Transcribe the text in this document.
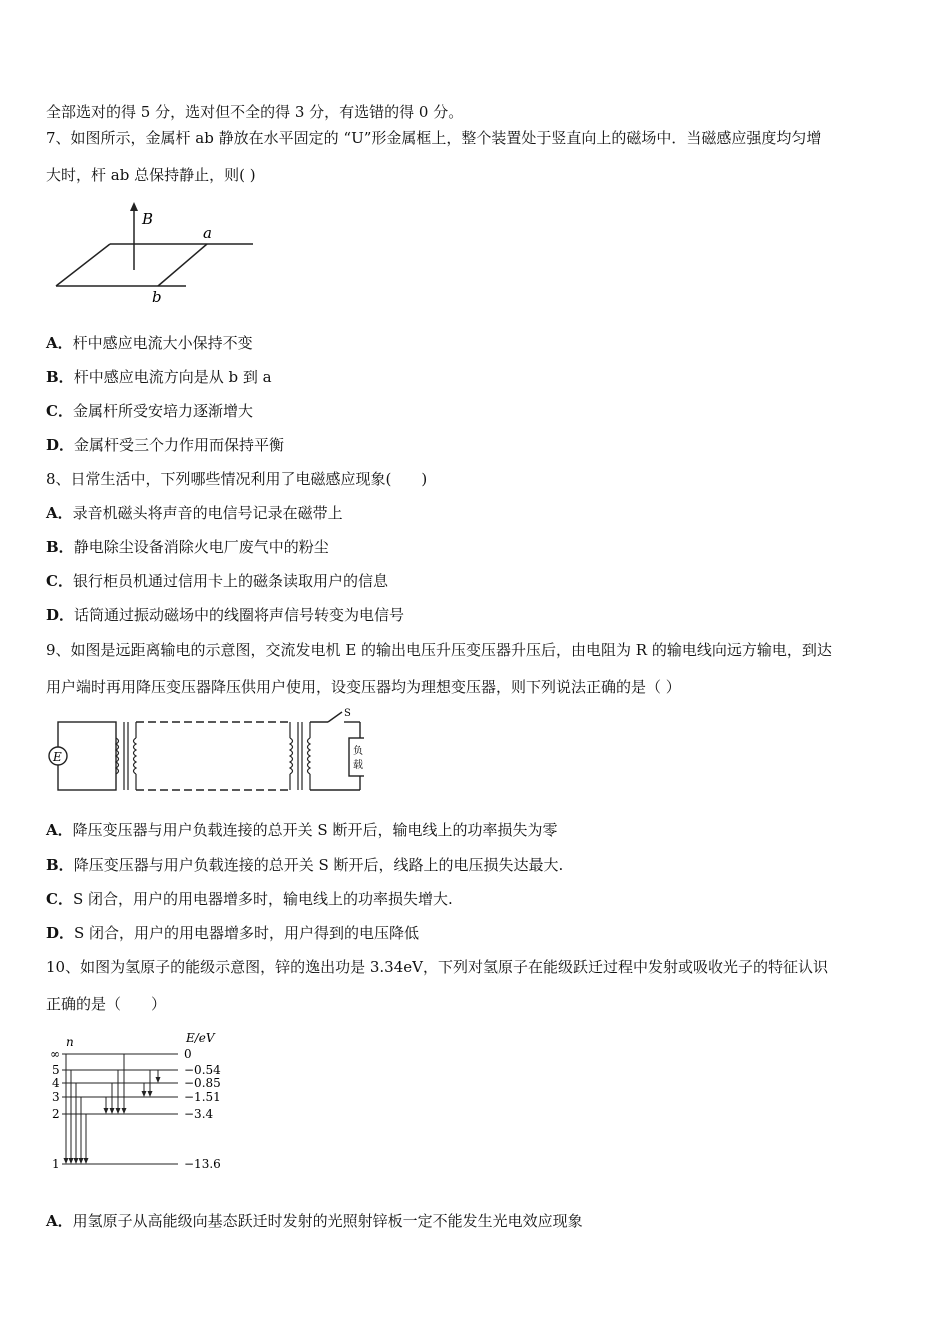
全部选对的得 5 分，选对但不全的得 3 分，有选错的得 0 分。
7、如图所示，金属杆 ab 静放在水平固定的 “U”形金属框上，整个装置处于竖直向上的磁场中．当磁感应强度均匀增
大时，杆 ab 总保持静止，则( )
B
a
b
A．杆中感应电流大小保持不变
B．杆中感应电流方向是从 b 到 a
C．金属杆所受安培力逐渐增大
D．金属杆受三个力作用而保持平衡
8、日常生活中，下列哪些情况利用了电磁感应现象(　　)
A．录音机磁头将声音的电信号记录在磁带上
B．静电除尘设备消除火电厂废气中的粉尘
C．银行柜员机通过信用卡上的磁条读取用户的信息
D．话筒通过振动磁场中的线圈将声信号转变为电信号
9、如图是远距离输电的示意图，交流发电机 E 的输出电压升压变压器升压后，由电阻为 R 的输电线向远方输电，到达
用户端时再用降压变压器降压供用户使用，设变压器均为理想变压器，则下列说法正确的是（ ）
E
S
负
载
A．降压变压器与用户负载连接的总开关 S 断开后，输电线上的功率损失为零
B．降压变压器与用户负载连接的总开关 S 断开后，线路上的电压损失达最大.
C．S 闭合，用户的用电器增多时，输电线上的功率损失增大.
D．S 闭合，用户的用电器增多时，用户得到的电压降低
10、如图为氢原子的能级示意图，锌的逸出功是 3.34eV，下列对氢原子在能级跃迁过程中发射或吸收光子的特征认识
正确的是（　　）
n	E/eV
∞	0
5	−0.54
4	−0.85
3	−1.51
2	−3.4
1	−13.6
A．用氢原子从高能级向基态跃迁时发射的光照射锌板一定不能发生光电效应现象
